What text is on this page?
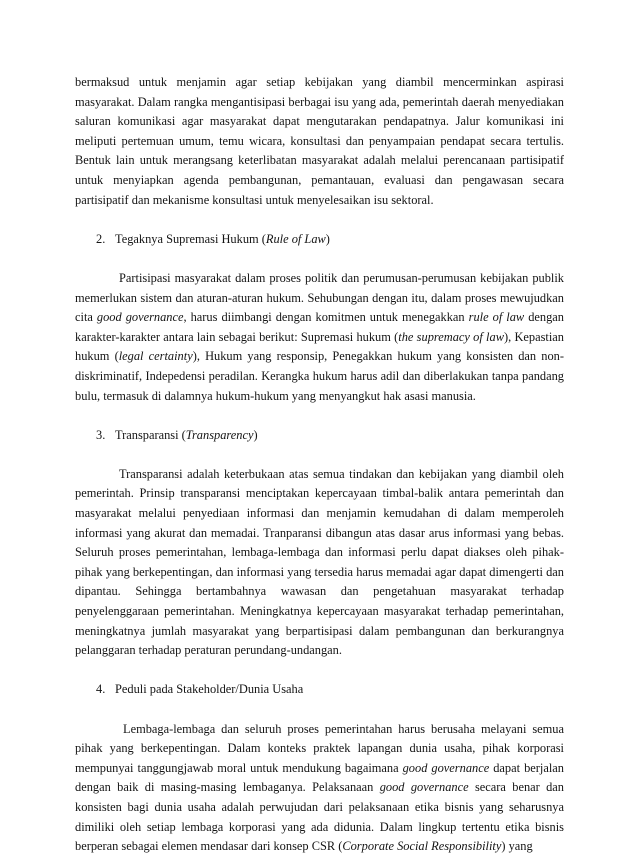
bermaksud untuk menjamin agar setiap kebijakan yang diambil mencerminkan aspirasi masyarakat. Dalam rangka mengantisipasi berbagai isu yang ada, pemerintah daerah menyediakan saluran komunikasi agar masyarakat dapat mengutarakan pendapatnya. Jalur komunikasi ini meliputi pertemuan umum, temu wicara, konsultasi dan penyampaian pendapat secara tertulis. Bentuk lain untuk merangsang keterlibatan masyarakat adalah melalui perencanaan partisipatif untuk menyiapkan agenda pembangunan, pemantauan, evaluasi dan pengawasan secara partisipatif dan mekanisme konsultasi untuk menyelesaikan isu sektoral.

2. Tegaknya Supremasi Hukum (Rule of Law)

Partisipasi masyarakat dalam proses politik dan perumusan-perumusan kebijakan publik memerlukan sistem dan aturan-aturan hukum. Sehubungan dengan itu, dalam proses mewujudkan cita good governance, harus diimbangi dengan komitmen untuk menegakkan rule of law dengan karakter-karakter antara lain sebagai berikut: Supremasi hukum (the supremacy of law), Kepastian hukum (legal certainty), Hukum yang responsip, Penegakkan hukum yang konsisten dan non-diskriminatif, Indepedensi peradilan. Kerangka hukum harus adil dan diberlakukan tanpa pandang bulu, termasuk di dalamnya hukum-hukum yang menyangkut hak asasi manusia.

3. Transparansi (Transparency)

Transparansi adalah keterbukaan atas semua tindakan dan kebijakan yang diambil oleh pemerintah. Prinsip transparansi menciptakan kepercayaan timbal-balik antara pemerintah dan masyarakat melalui penyediaan informasi dan menjamin kemudahan di dalam memperoleh informasi yang akurat dan memadai. Tranparansi dibangun atas dasar arus informasi yang bebas. Seluruh proses pemerintahan, lembaga-lembaga dan informasi perlu dapat diakses oleh pihak-pihak yang berkepentingan, dan informasi yang tersedia harus memadai agar dapat dimengerti dan dipantau. Sehingga bertambahnya wawasan dan pengetahuan masyarakat terhadap penyelenggaraan pemerintahan. Meningkatnya kepercayaan masyarakat terhadap pemerintahan, meningkatnya jumlah masyarakat yang berpartisipasi dalam pembangunan dan berkurangnya pelanggaran terhadap peraturan perundang-undangan.

4. Peduli pada Stakeholder/Dunia Usaha

Lembaga-lembaga dan seluruh proses pemerintahan harus berusaha melayani semua pihak yang berkepentingan. Dalam konteks praktek lapangan dunia usaha, pihak korporasi mempunyai tanggungjawab moral untuk mendukung bagaimana good governance dapat berjalan dengan baik di masing-masing lembaganya. Pelaksanaan good governance secara benar dan konsisten bagi dunia usaha adalah perwujudan dari pelaksanaan etika bisnis yang seharusnya dimiliki oleh setiap lembaga korporasi yang ada didunia. Dalam lingkup tertentu etika bisnis berperan sebagai elemen mendasar dari konsep CSR (Corporate Social Responsibility) yang
